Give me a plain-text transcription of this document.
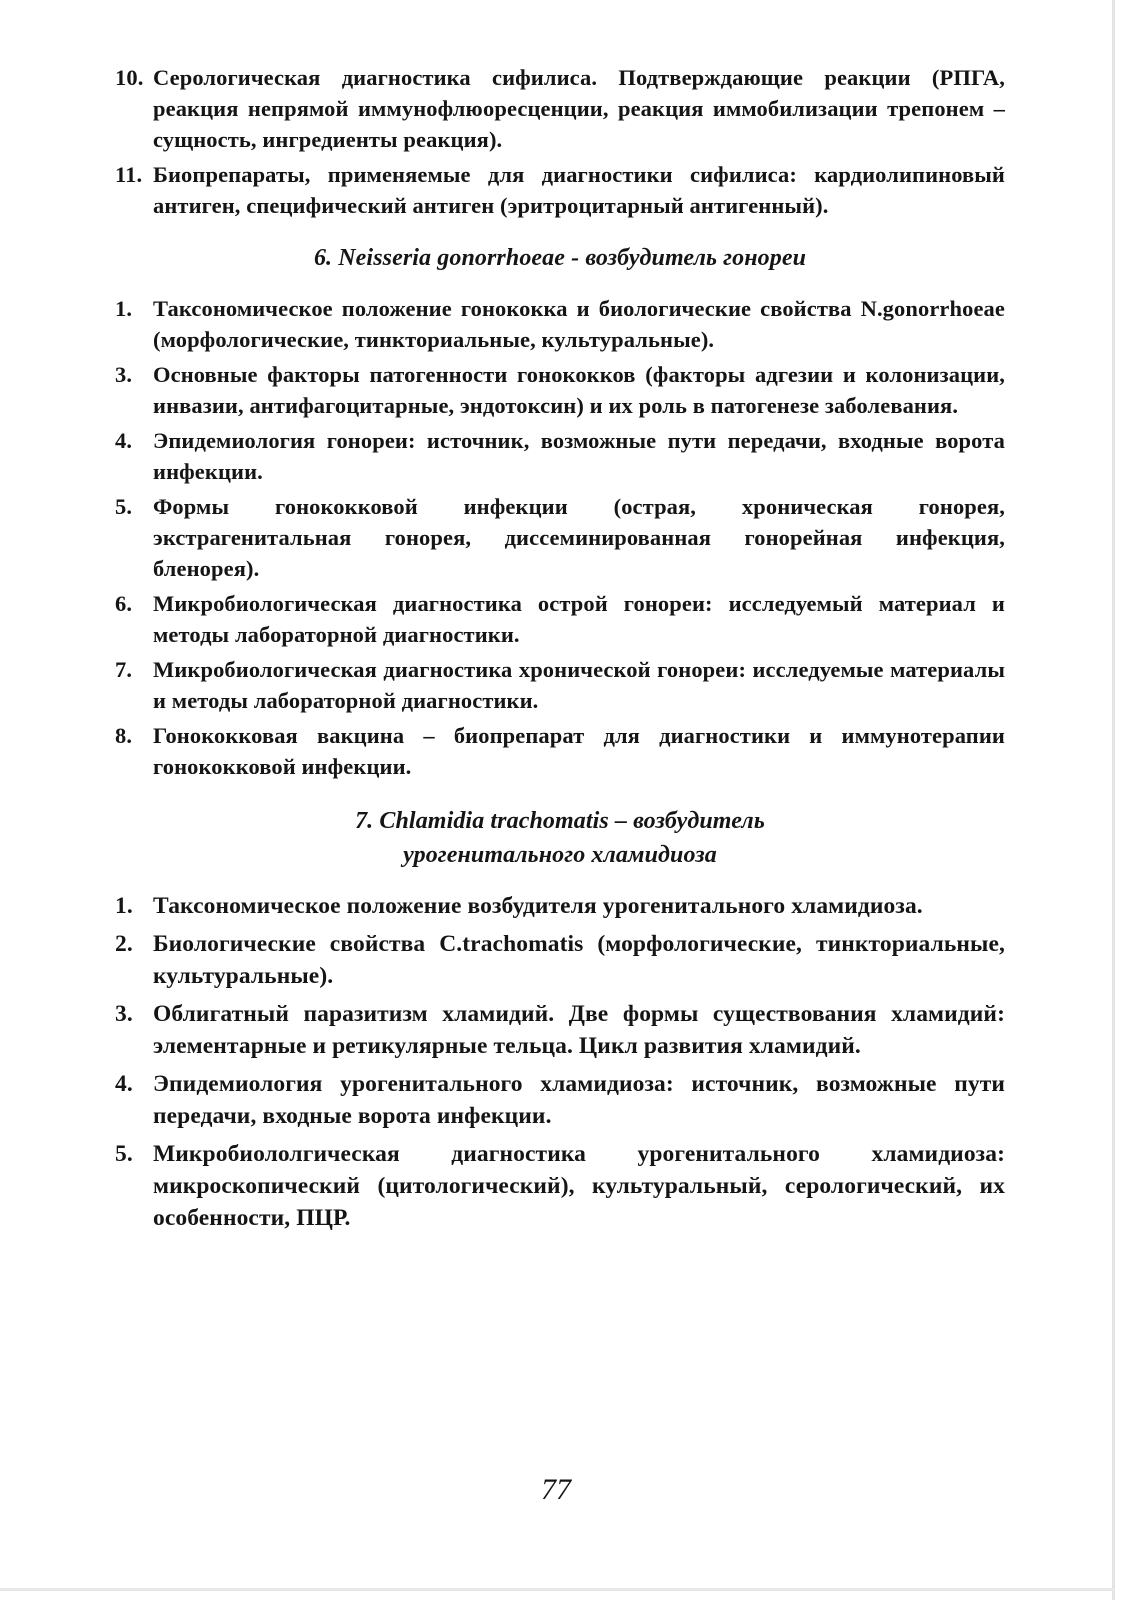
10. Серологическая диагностика сифилиса. Подтверждающие реакции (РПГА, реакция непрямой иммунофлюоресценции, реакция иммобилизации трепонем – сущность, ингредиенты реакция).
11. Биопрепараты, применяемые для диагностики сифилиса: кардиолипиновый антиген, специфический антиген (эритроцитарный антигенный).
6. Neisseria gonorrhoeae - возбудитель гонореи
1. Таксономическое положение гонококка и биологические свойства N.gonorrhoeae (морфологические, тинкториальные, культуральные).
3. Основные факторы патогенности гонококков (факторы адгезии и колонизации, инвазии, антифагоцитарные, эндотоксин) и их роль в патогенезе заболевания.
4. Эпидемиология гонореи: источник, возможные пути передачи, входные ворота инфекции.
5. Формы гонококковой инфекции (острая, хроническая гонорея, экстрагенитальная гонорея, диссеминированная гонорейная инфекция, бленорея).
6. Микробиологическая диагностика острой гонореи: исследуемый материал и методы лабораторной диагностики.
7. Микробиологическая диагностика хронической гонореи: исследуемые материалы и методы лабораторной диагностики.
8. Гонококковая вакцина – биопрепарат для диагностики и иммунотерапии гонококковой инфекции.
7. Chlamidia trachomatis – возбудитель
урогенитального хламидиоза
1. Таксономическое положение возбудителя урогенитального хламидиоза.
2. Биологические свойства C.trachomatis (морфологические, тинкториальные, культуральные).
3. Облигатный паразитизм хламидий. Две формы существования хламидий: элементарные и ретикулярные тельца. Цикл развития хламидий.
4. Эпидемиология урогенитального хламидиоза: источник, возможные пути передачи, входные ворота инфекции.
5. Микробиололгическая диагностика урогенитального хламидиоза: микроскопический (цитологический), культуральный, серологический, их особенности, ПЦР.
77
